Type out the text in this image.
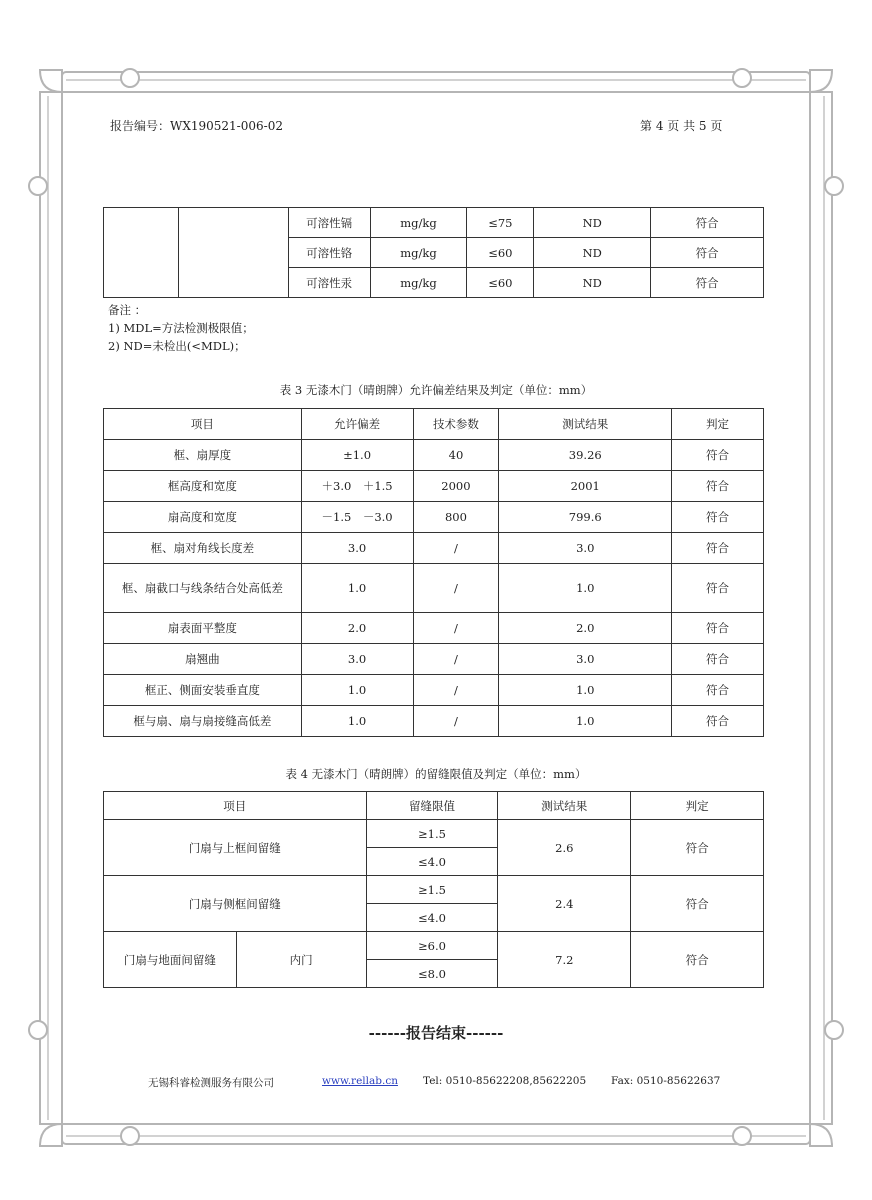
报告编号：WX190521-006-02	第 4 页 共 5 页
		可溶性镉	mg/kg	≤75	ND	符合
		可溶性铬	mg/kg	≤60	ND	符合
		可溶性汞	mg/kg	≤60	ND	符合
备注 ：
1) MDL=方法检测极限值；
2) ND=未检出(<MDL)；
表 3 无漆木门（晴朗牌）允许偏差结果及判定（单位：mm）
项目	允许偏差	技术参数	测试结果	判定
框、扇厚度	±1.0	40	39.26	符合
框高度和宽度	＋3.0　＋1.5	2000	2001	符合
扇高度和宽度	－1.5　－3.0	800	799.6	符合
框、扇对角线长度差	3.0	/	3.0	符合
框、扇截口与线条结合处高低差	1.0	/	1.0	符合
扇表面平整度	2.0	/	2.0	符合
扇翘曲	3.0	/	3.0	符合
框正、侧面安装垂直度	1.0	/	1.0	符合
框与扇、扇与扇接缝高低差	1.0	/	1.0	符合
表 4 无漆木门（晴朗牌）的留缝限值及判定（单位：mm）
项目		留缝限值	测试结果	判定
门扇与上框间留缝		≥1.5	2.6	符合
		≤4.0		
门扇与侧框间留缝		≥1.5	2.4	符合
		≤4.0		
门扇与地面间留缝	内门	≥6.0	7.2	符合
		≤8.0		
------报告结束------
无锡科睿检测服务有限公司	www.rellab.cn Tel: 0510-85622208,85622205 Fax: 0510-85622637
